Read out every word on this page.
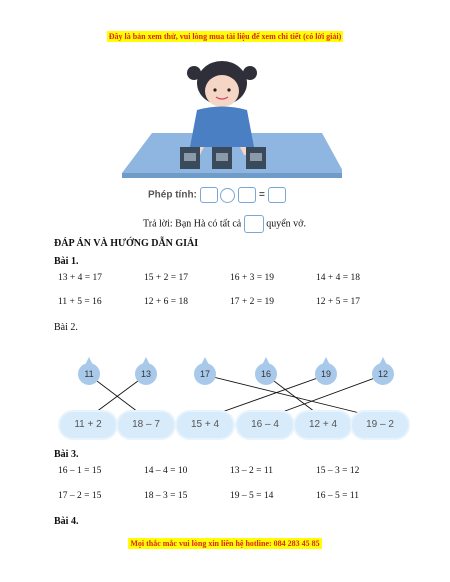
Đây là bản xem thử, vui lòng mua tài liệu để xem chi tiết (có lời giải)
Phép tính:	=
Trả lời: Bạn Hà có tất cả	quyển vở.
ĐÁP ÁN VÀ HƯỚNG DẪN GIẢI
Bài 1.
13 + 4 = 17	15 + 2 = 17	16 + 3 = 19	14 + 4 = 18
11 + 5 = 16	12 + 6 = 18	17 + 2 = 19	12 + 5 = 17
Bài 2.
11	13	17	16	19	12
11 + 2	18 – 7	15 + 4	16 – 4	12 + 4	19 – 2
Bài 3.
16 – 1 = 15	14 – 4 = 10	13 – 2 = 11	15 – 3 = 12
17 – 2 = 15	18 – 3 = 15	19 – 5 = 14	16 – 5 = 11
Bài 4.
Mọi thắc mắc vui lòng xin liên hệ hotline: 084 283 45 85
